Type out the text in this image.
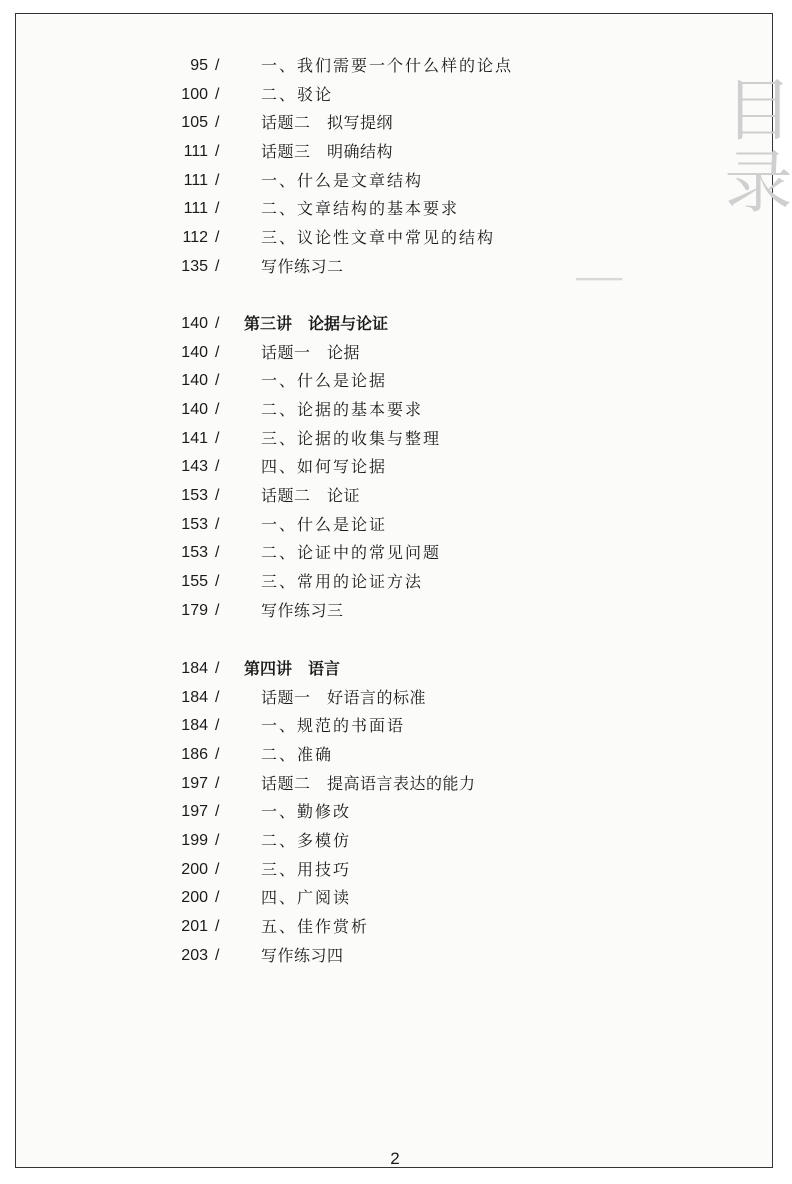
目录
▔▔▔▔
95 /	一、我们需要一个什么样的论点
100 /	二、驳论
105 /	话题二　拟写提纲
111 /	话题三　明确结构
111 /	一、什么是文章结构
111 /	二、文章结构的基本要求
112 /	三、议论性文章中常见的结构
135 /	写作练习二
140 / 第三讲　论据与论证
140 /	话题一　论据
140 /	一、什么是论据
140 /	二、论据的基本要求
141 /	三、论据的收集与整理
143 /	四、如何写论据
153 /	话题二　论证
153 /	一、什么是论证
153 /	二、论证中的常见问题
155 /	三、常用的论证方法
179 /	写作练习三
184 / 第四讲　语言
184 /	话题一　好语言的标准
184 /	一、规范的书面语
186 /	二、准确
197 /	话题二　提高语言表达的能力
197 /	一、勤修改
199 /	二、多模仿
200 /	三、用技巧
200 /	四、广阅读
201 /	五、佳作赏析
203 /	写作练习四
2
